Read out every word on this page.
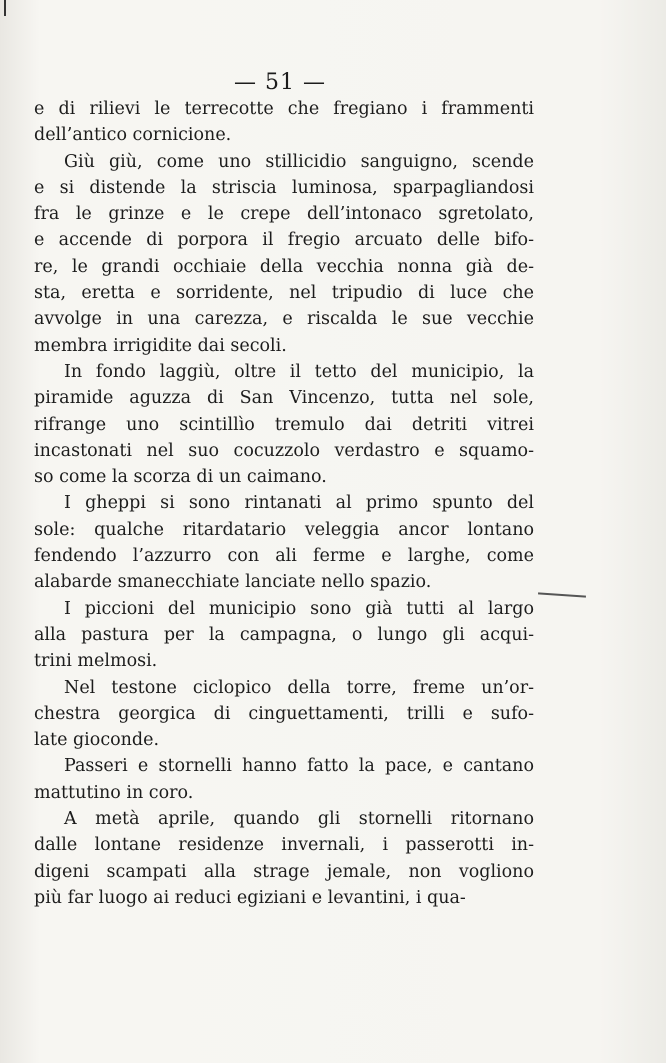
— 51 —
e di rilievi le terrecotte che fregiano i frammenti
dell’antico cornicione.
Giù giù, come uno stillicidio sanguigno, scende
e si distende la striscia luminosa, sparpagliandosi
fra le grinze e le crepe dell’intonaco sgretolato,
e accende di porpora il fregio arcuato delle bifo-
re, le grandi occhiaie della vecchia nonna già de-
sta, eretta e sorridente, nel tripudio di luce che
avvolge in una carezza, e riscalda le sue vecchie
membra irrigidite dai secoli.
In fondo laggiù, oltre il tetto del municipio, la
piramide aguzza di San Vincenzo, tutta nel sole,
rifrange uno scintillìo tremulo dai detriti vitrei
incastonati nel suo cocuzzolo verdastro e squamo-
so come la scorza di un caimano.
I gheppi si sono rintanati al primo spunto del
sole: qualche ritardatario veleggia ancor lontano
fendendo l’azzurro con ali ferme e larghe, come
alabarde smanecchiate lanciate nello spazio.
I piccioni del municipio sono già tutti al largo
alla pastura per la campagna, o lungo gli acqui-
trini melmosi.
Nel testone ciclopico della torre, freme un’or-
chestra georgica di cinguettamenti, trilli e sufo-
late gioconde.
Passeri e stornelli hanno fatto la pace, e cantano
mattutino in coro.
A metà aprile, quando gli stornelli ritornano
dalle lontane residenze invernali, i passerotti in-
digeni scampati alla strage jemale, non vogliono
più far luogo ai reduci egiziani e levantini, i qua-
